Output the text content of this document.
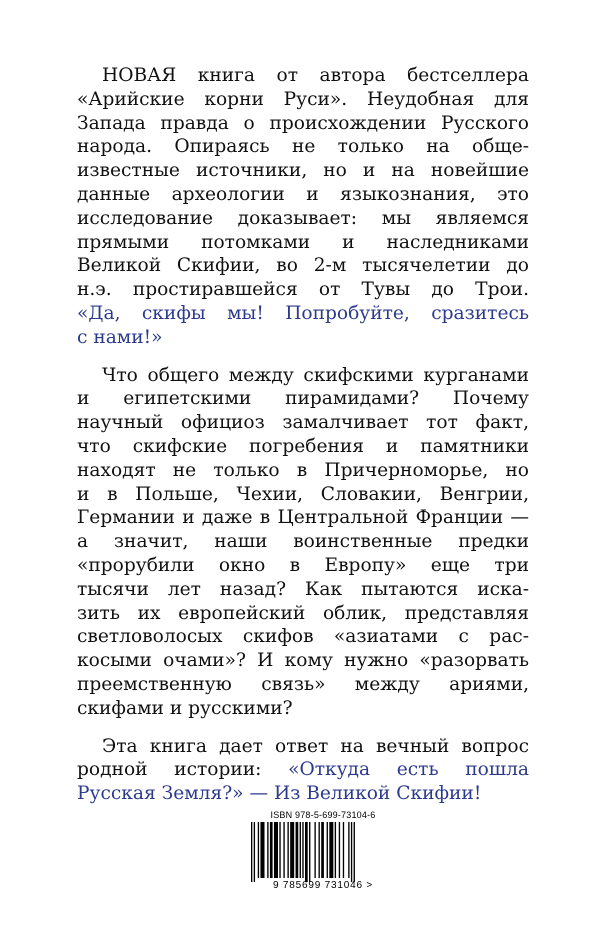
НОВАЯ книга от автора бестселлера
«Арийские корни Руси». Неудобная для
Запада правда о происхождении Русского
народа. Опираясь не только на обще-
известные источники, но и на новейшие
данные археологии и языкознания, это
исследование доказывает: мы являемся
прямыми потомками и наследниками
Великой Скифии, во 2-м тысячелетии до
н.э. простиравшейся от Тувы до Трои.
«Да, скифы мы! Попробуйте, сразитесь
с нами!»
Что общего между скифскими курганами
и египетскими пирамидами? Почему
научный официоз замалчивает тот факт,
что скифские погребения и памятники
находят не только в Причерноморье, но
и в Польше, Чехии, Словакии, Венгрии,
Германии и даже в Центральной Франции —
а значит, наши воинственные предки
«прорубили окно в Европу» еще три
тысячи лет назад? Как пытаются иска-
зить их европейский облик, представляя
светловолосых скифов «азиатами с рас-
косыми очами»? И кому нужно «разорвать
преемственную связь» между ариями,
скифами и русскими?
Эта книга дает ответ на вечный вопрос
родной истории: «Откуда есть пошла
Русская Земля?» — Из Великой Скифии!
ISBN 978-5-699-73104-6
9 785699 731046 >
